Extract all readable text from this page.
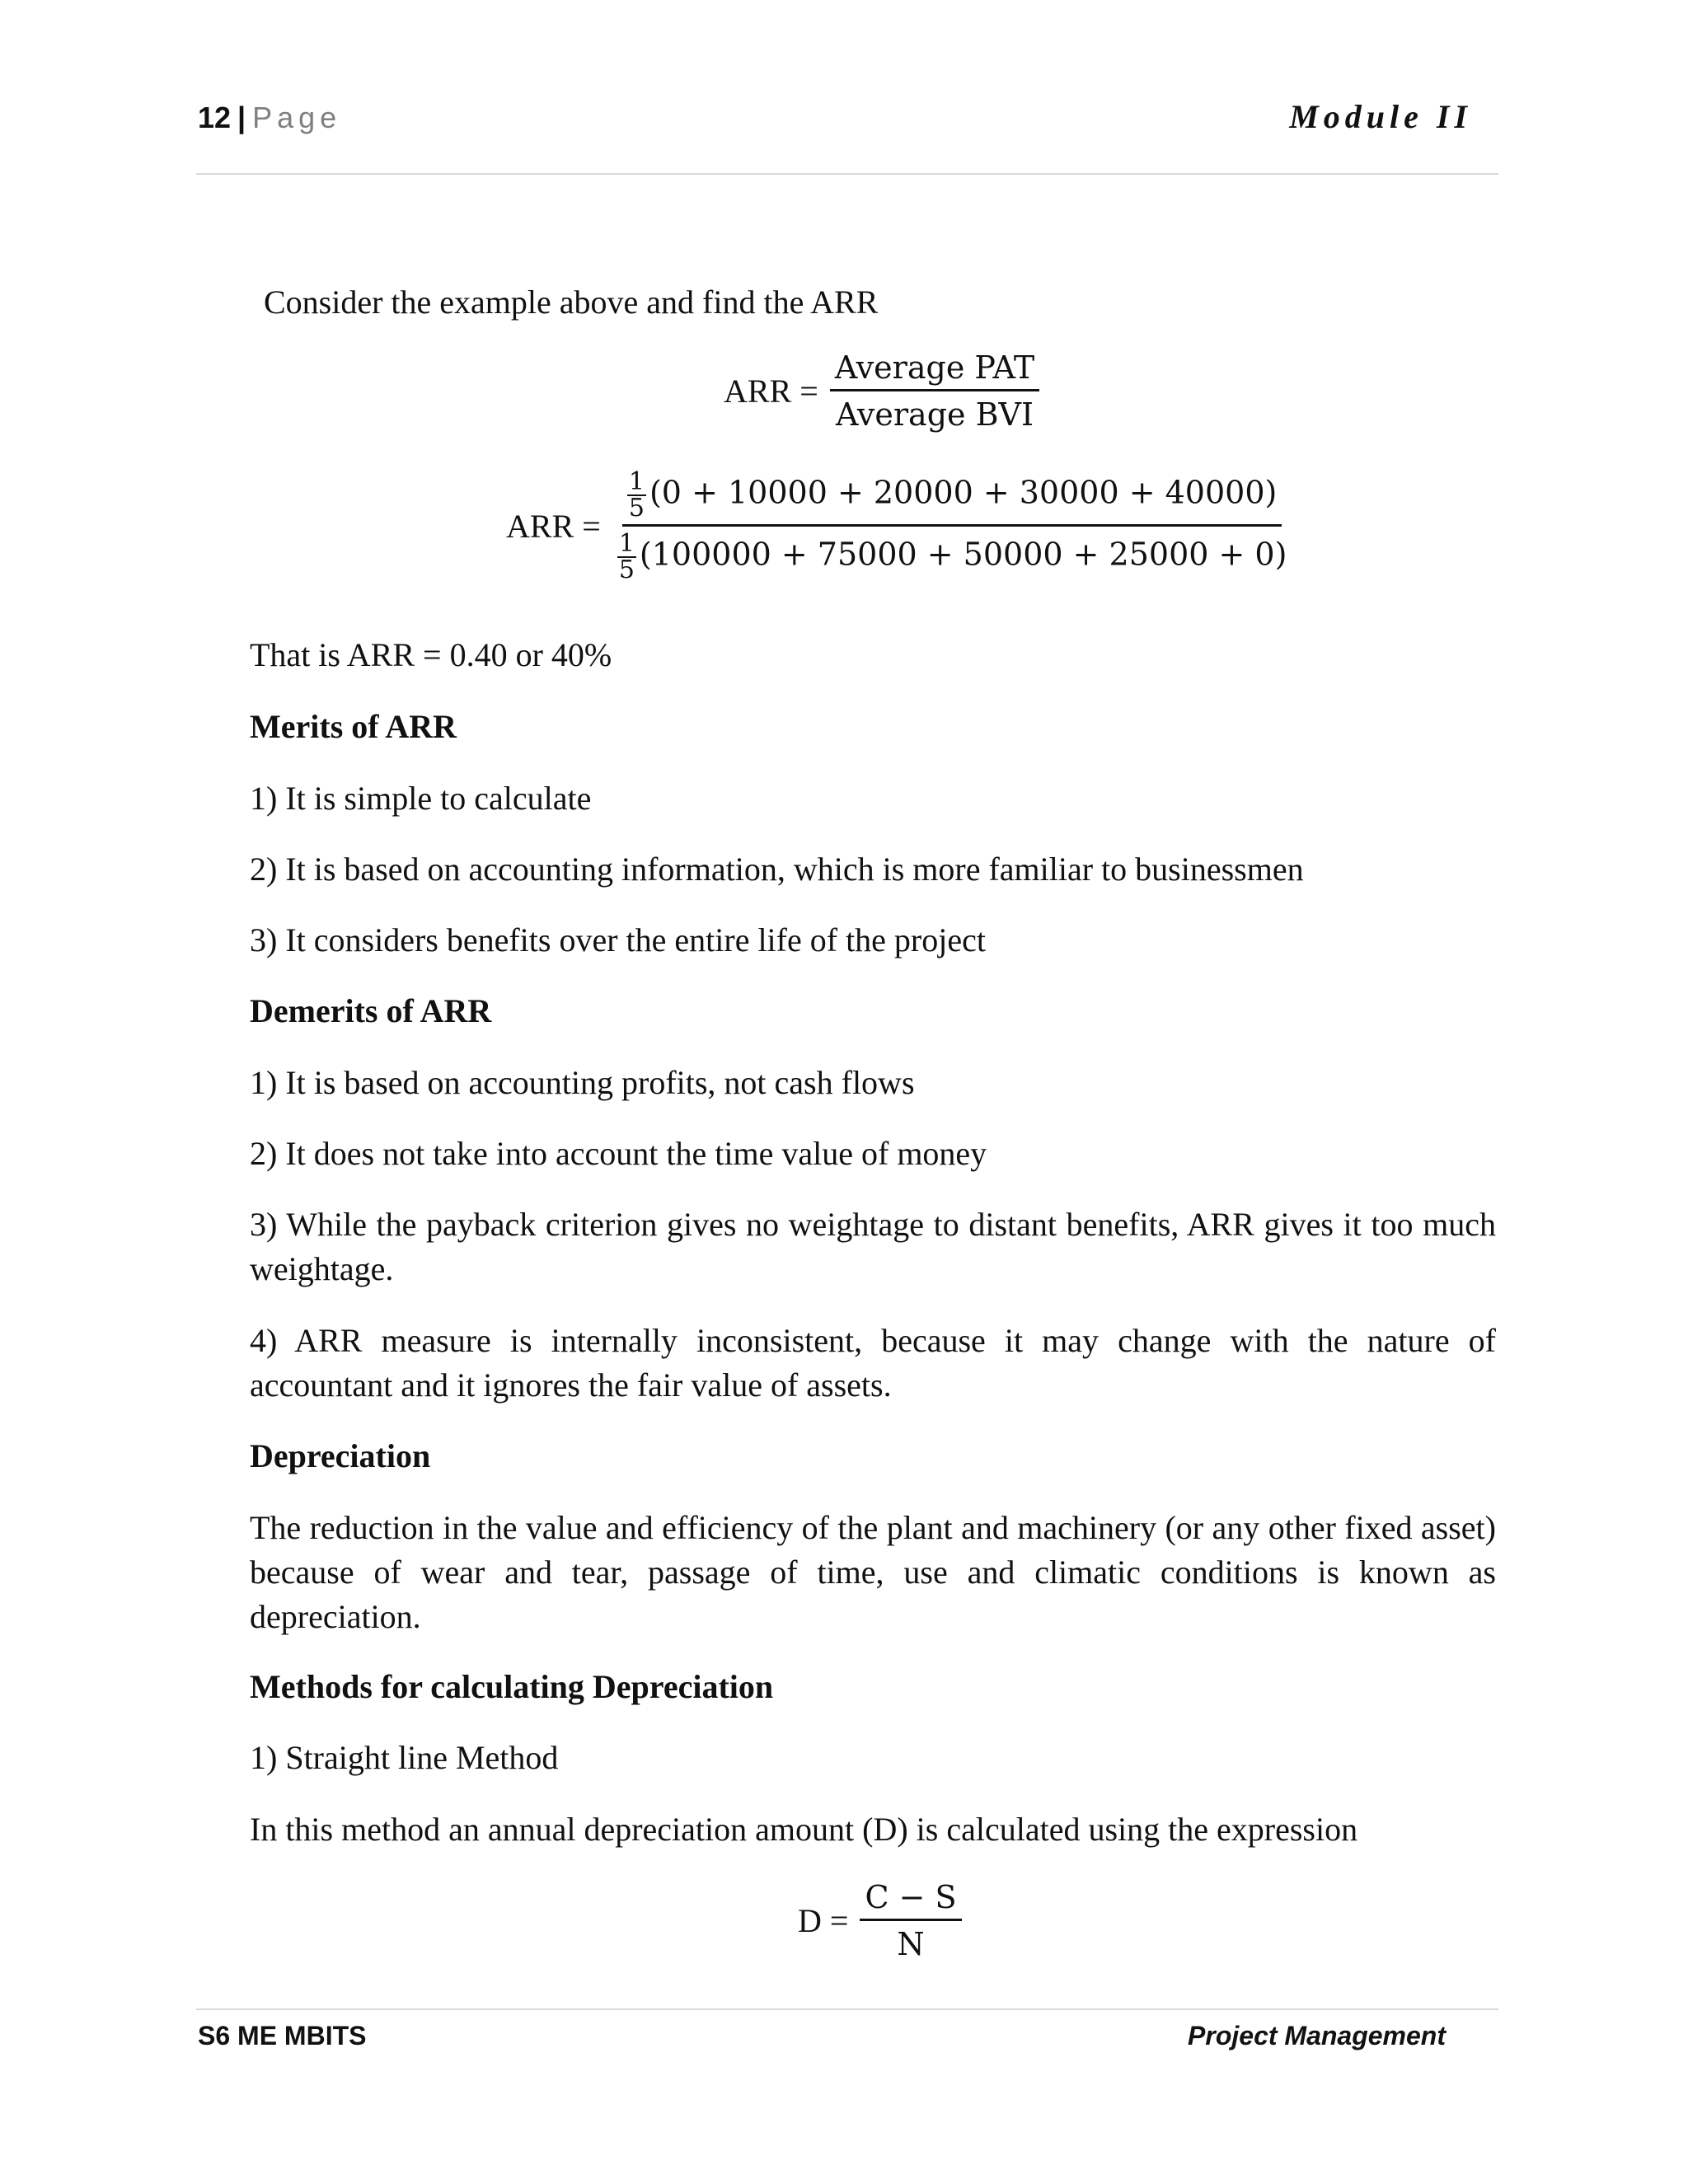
12 | Page	Module II
Consider the example above and find the ARR
ARR = $\frac{\text{Average PAT}}{\text{Average BVI}}$
ARR = $\frac{\frac{1}{5} (0 + 10000 + 20000 + 30000 + 40000)}{\frac{1}{5} (100000 + 75000 + 50000 + 25000 + 0)}$
That is ARR = 0.40 or 40%
Merits of ARR
1) It is simple to calculate
2) It is based on accounting information, which is more familiar to businessmen
3) It considers benefits over the entire life of the project
Demerits of ARR
1) It is based on accounting profits, not cash flows
2) It does not take into account the time value of money
3) While the payback criterion gives no weightage to distant benefits, ARR gives it too much weightage.
4) ARR measure is internally inconsistent, because it may change with the nature of accountant and it ignores the fair value of assets.
Depreciation
The reduction in the value and efficiency of the plant and machinery (or any other fixed asset) because of wear and tear, passage of time, use and climatic conditions is known as depreciation.
Methods for calculating Depreciation
1) Straight line Method
In this method an annual depreciation amount (D) is calculated using the expression
$D = \frac{C - S}{N}$
S6 ME MBITS	Project Management
